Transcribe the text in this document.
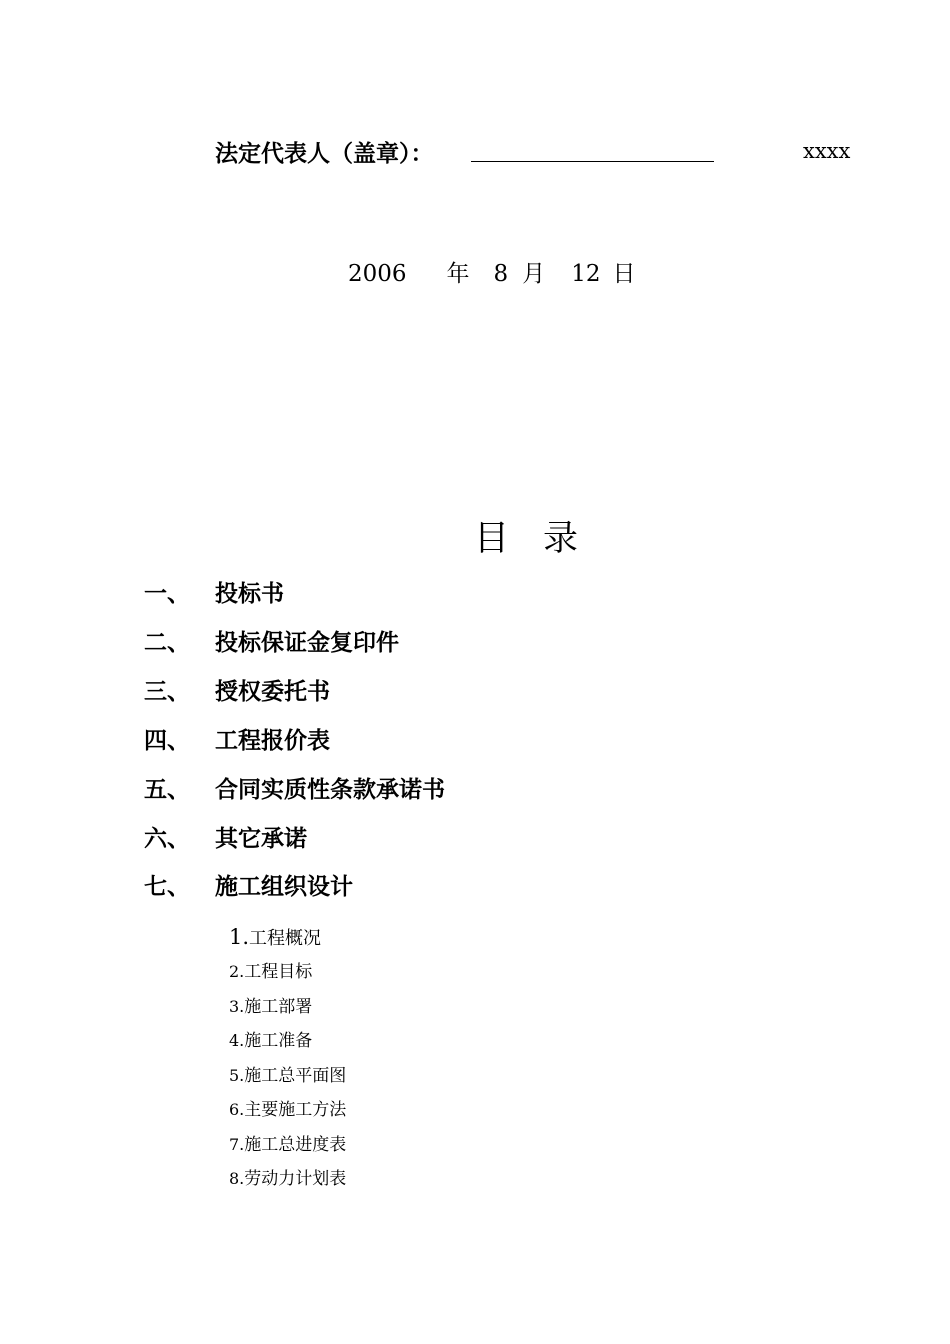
法定代表人（盖章）：	xxxx
2006 年 8 月 12 日
目 录
一、 投标书
二、 投标保证金复印件
三、 授权委托书
四、 工程报价表
五、 合同实质性条款承诺书
六、 其它承诺
七、 施工组织设计
1.工程概况
2.工程目标
3.施工部署
4.施工准备
5.施工总平面图
6.主要施工方法
7.施工总进度表
8.劳动力计划表
